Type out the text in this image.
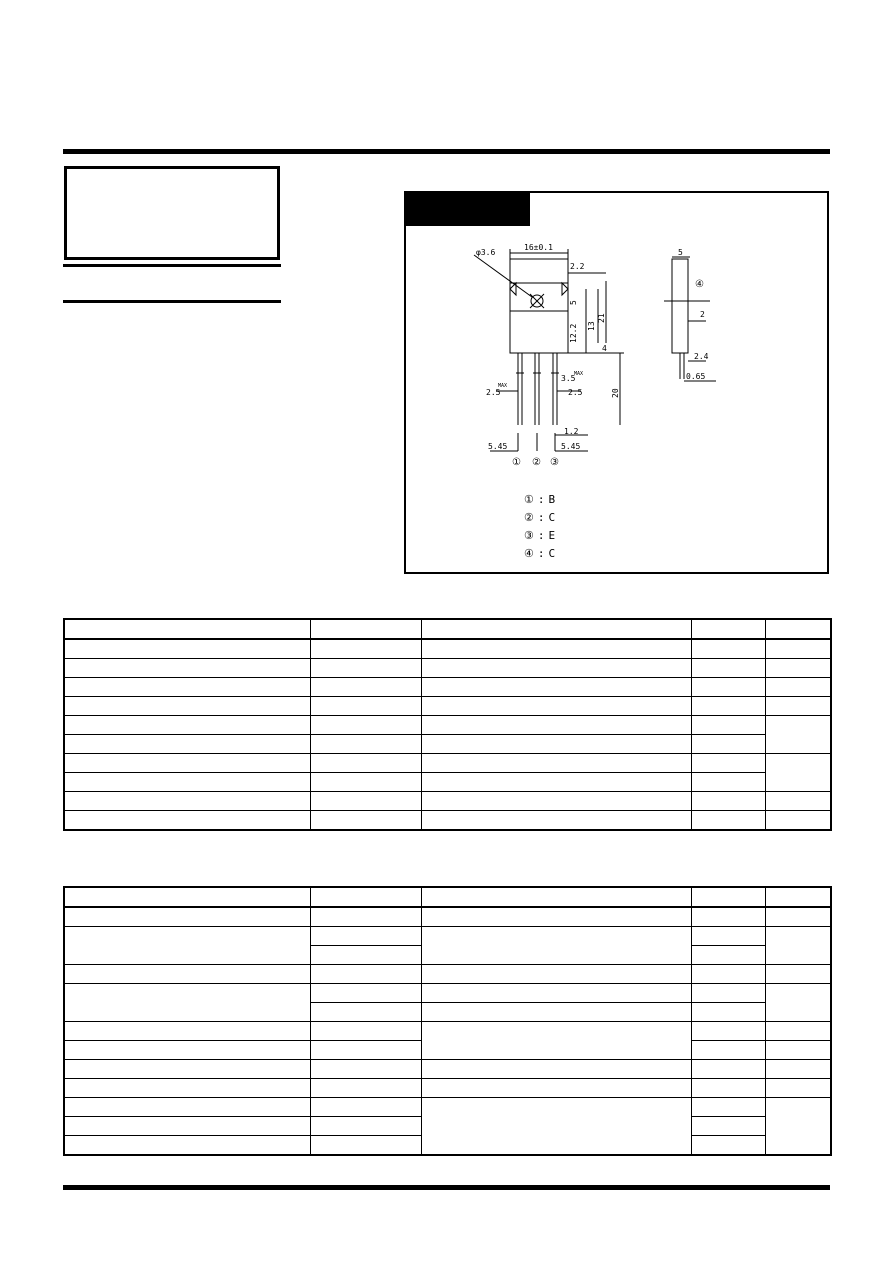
φ3.6
16±0.1
2.2
5
12.2 13
21
4
20
2.5
MAX
3.5
MAX
2.5
1.2
5.45	5.45
5
2
2.4
0.65
① ② ③
④
① : B
② : C
③ : E
④ : C
